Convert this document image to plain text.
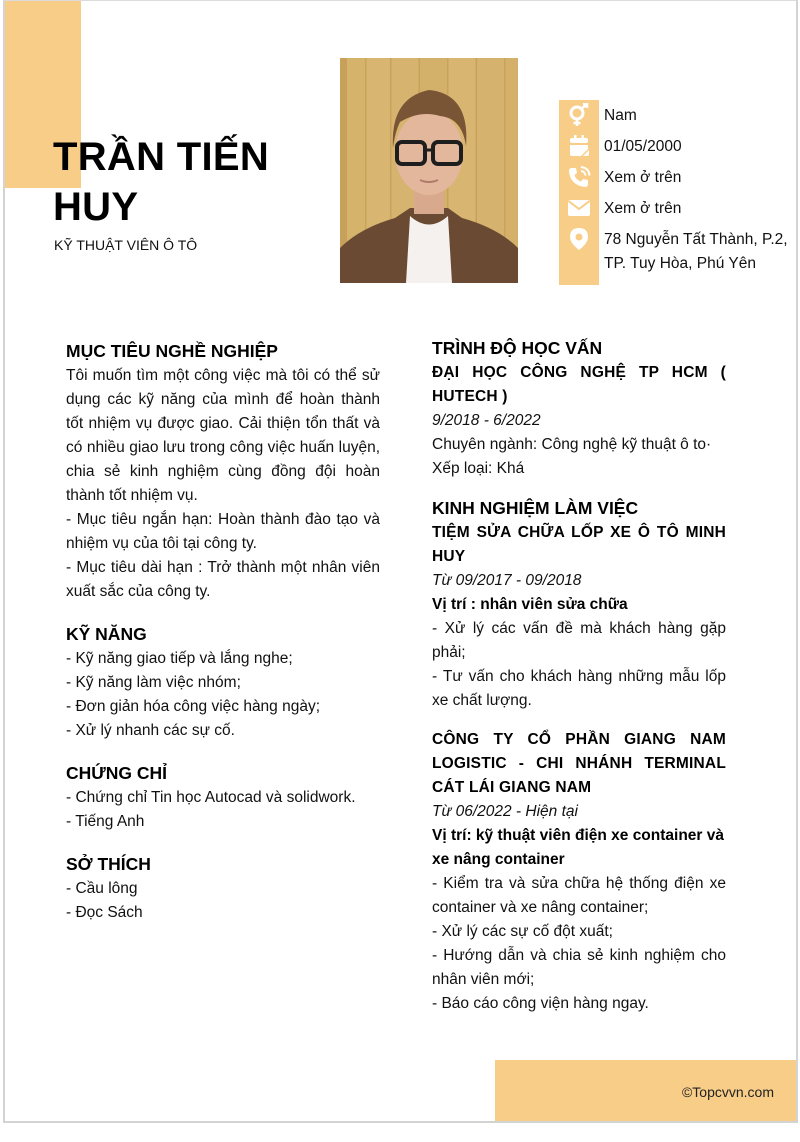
TRẦN TIẾN HUY
KỸ THUẬT VIÊN Ô TÔ
Nam
01/05/2000
Xem ở trên
Xem ở trên
78 Nguyễn Tất Thành, P.2, TP. Tuy Hòa, Phú Yên
MỤC TIÊU NGHỀ NGHIỆP

Tôi muốn tìm một công việc mà tôi có thể sử dụng các kỹ năng của mình để hoàn thành tốt nhiệm vụ được giao. Cải thiện tổn thất và có nhiều giao lưu trong công việc huấn luyện, chia sẻ kinh nghiệm cùng đồng đội hoàn thành tốt nhiệm vụ.

- Mục tiêu ngắn hạn: Hoàn thành đào tạo và nhiệm vụ của tôi tại công ty.

- Mục tiêu dài hạn : Trở thành một nhân viên xuất sắc của công ty.

KỸ NĂNG

- Kỹ năng giao tiếp và lắng nghe;

- Kỹ năng làm việc nhóm;

- Đơn giản hóa công việc hàng ngày;

- Xử lý nhanh các sự cố.

CHỨNG CHỈ

- Chứng chỉ Tin học Autocad và solidwork.

- Tiếng Anh

SỞ THÍCH

- Cầu lông

- Đọc Sách

TRÌNH ĐỘ HỌC VẤN

ĐẠI HỌC CÔNG NGHỆ TP HCM ( HUTECH )

9/2018 - 6/2022

Chuyên ngành: Công nghệ kỹ thuật ô to·

Xếp loại: Khá

KINH NGHIỆM LÀM VIỆC

TIỆM SỬA CHỮA LỐP XE Ô TÔ MINH HUY

Từ 09/2017 - 09/2018

Vị trí : nhân viên sửa chữa

- Xử lý các vấn đề mà khách hàng gặp phải;

- Tư vấn cho khách hàng những mẫu lốp xe chất lượng.

CÔNG TY CỔ PHẦN GIANG NAM LOGISTIC - CHI NHÁNH TERMINAL CÁT LÁI GIANG NAM

Từ 06/2022 - Hiện tại

Vị trí: kỹ thuật viên điện xe container và xe nâng container

- Kiểm tra và sửa chữa hệ thống điện xe container và xe nâng container;

- Xử lý các sự cố đột xuất;

- Hướng dẫn và chia sẻ kinh nghiệm cho nhân viên mới;

- Báo cáo công viện hàng ngay.

©Topcvvn.com
